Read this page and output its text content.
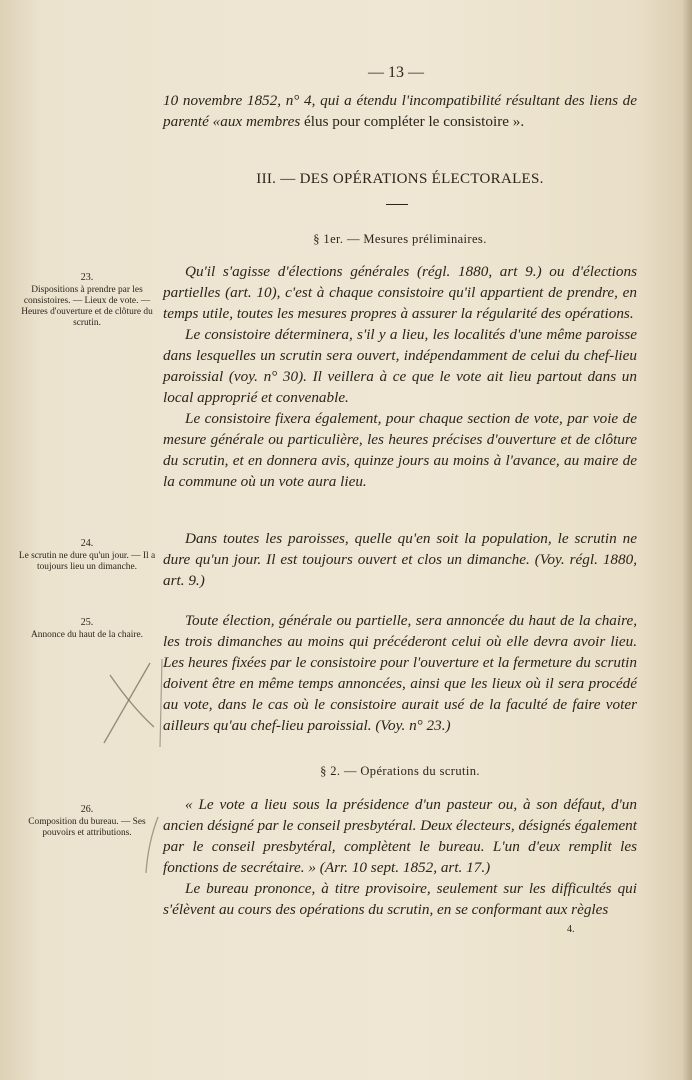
— 13 —

10 novembre 1852, n° 4, qui a étendu l'incompatibilité résultant des liens de parenté «aux membres élus pour compléter le consistoire ».

III. — DES OPÉRATIONS ÉLECTORALES.
§ 1er. — Mesures préliminaires.
23.
Dispositions à prendre par les consistoires. — Lieux de vote. —Heures d'ouverture et de clôture du scrutin.

Qu'il s'agisse d'élections générales (régl. 1880, art 9.) ou d'élections partielles (art. 10), c'est à chaque consistoire qu'il appartient de prendre, en temps utile, toutes les mesures propres à assurer la régularité des opérations.

Le consistoire déterminera, s'il y a lieu, les localités d'une même paroisse dans lesquelles un scrutin sera ouvert, indépendamment de celui du chef-lieu paroissial (voy. n° 30). Il veillera à ce que le vote ait lieu partout dans un local approprié et convenable.

Le consistoire fixera également, pour chaque section de vote, par voie de mesure générale ou particulière, les heures précises d'ouverture et de clôture du scrutin, et en donnera avis, quinze jours au moins à l'avance, au maire de la commune où un vote aura lieu.

24.
Le scrutin ne dure qu'un jour. — Il a toujours lieu un dimanche.

Dans toutes les paroisses, quelle qu'en soit la population, le scrutin ne dure qu'un jour. Il est toujours ouvert et clos un dimanche. (Voy. régl. 1880, art. 9.)

25.
Annonce du haut de la chaire.

Toute élection, générale ou partielle, sera annoncée du haut de la chaire, les trois dimanches au moins qui précéderont celui où elle devra avoir lieu. Les heures fixées par le consistoire pour l'ouverture et la fermeture du scrutin doivent être en même temps annoncées, ainsi que les lieux où il sera procédé au vote, dans le cas où le consistoire aurait usé de la faculté de faire voter ailleurs qu'au chef-lieu paroissial. (Voy. n° 23.)

§ 2. — Opérations du scrutin.
26.
Composition du bureau. — Ses pouvoirs et attributions.

« Le vote a lieu sous la présidence d'un pasteur ou, à son défaut, d'un ancien désigné par le conseil presbytéral. Deux électeurs, désignés également par le conseil presbytéral, complètent le bureau. L'un d'eux remplit les fonctions de secrétaire. » (Arr. 10 sept. 1852, art. 17.)

Le bureau prononce, à titre provisoire, seulement sur les difficultés qui s'élèvent au cours des opérations du scrutin, en se conformant aux règles

4.
